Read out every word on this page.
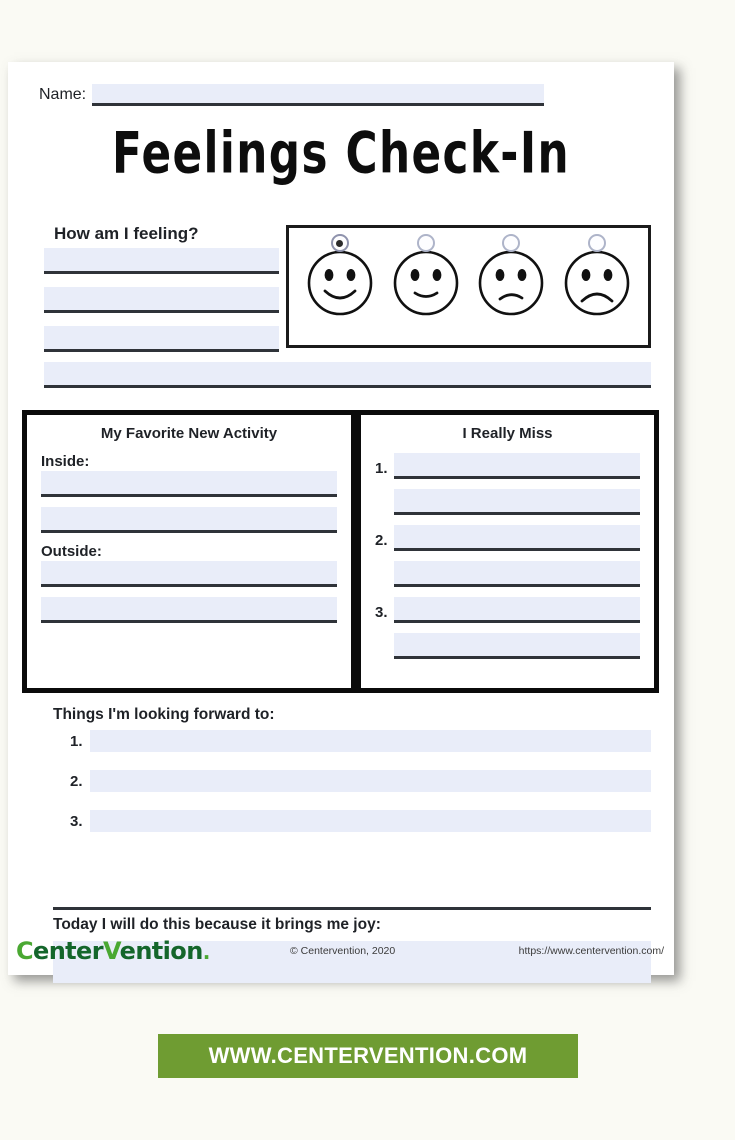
Name:
Feelings Check-In
How am I feeling?
My Favorite New Activity
Inside:
Outside:
I Really Miss
1.
2.
3.
Things I'm looking forward to:
1.
2.
3.
Today I will do this because it brings me joy:
CenterVention.	© Centervention, 2020	https://www.centervention.com/
WWW.CENTERVENTION.COM
